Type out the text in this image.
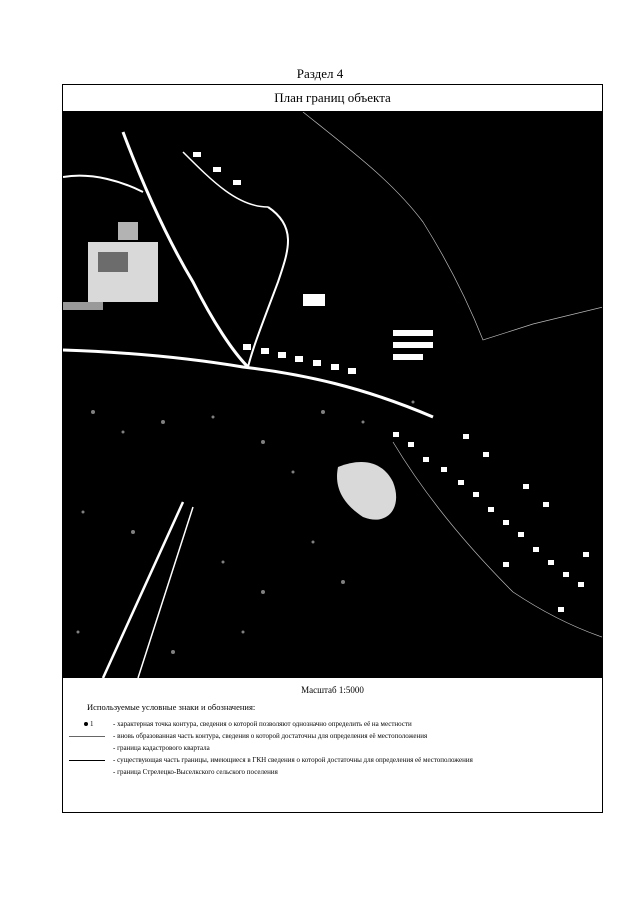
Раздел 4
План границ объекта
Масштаб 1:5000
Используемые условные знаки и обозначения:
1	- характерная точка контура, сведения о которой позволяют однозначно определить её на местности
- вновь образованная часть контура, сведения о которой достаточны для определения её местоположения
- граница кадастрового квартала
- существующая часть границы, имеющиеся в ГКН сведения о которой достаточны для определения её местоположения
- граница Стрелецко-Выселкского сельского поселения
